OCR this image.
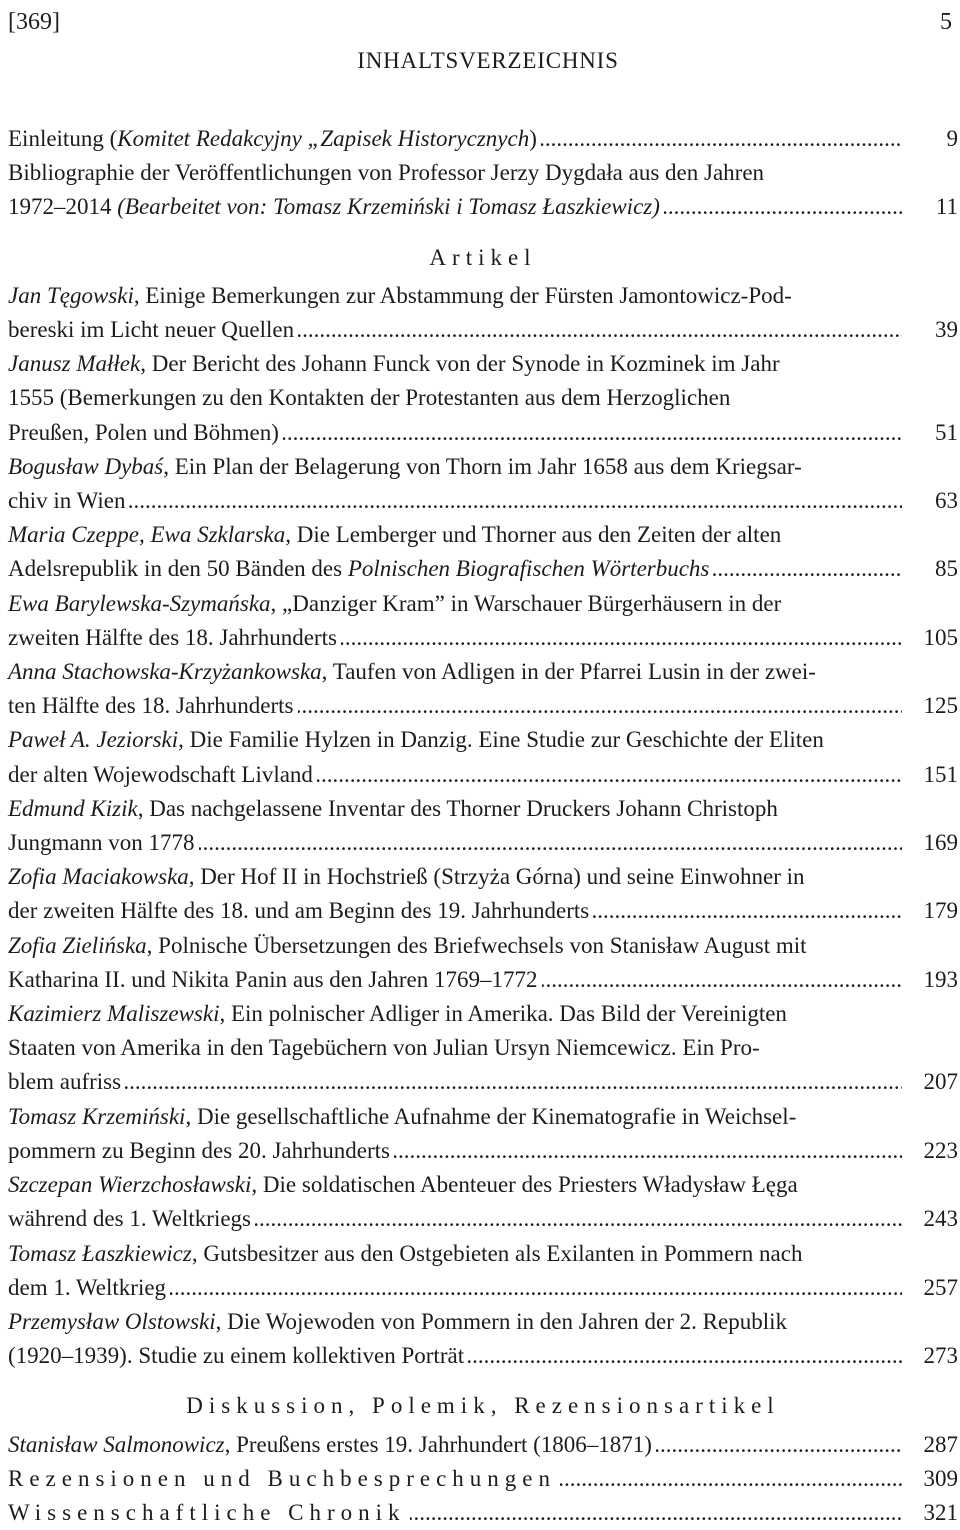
[369]	5
INHALTSVERZEICHNIS
Einleitung (Komitet Redakcyjny „Zapisek Historycznych) .....	9
Bibliographie der Veröffentlichungen von Professor Jerzy Dygdała aus den Jahren
1972–2014 (Bearbeitet von: Tomasz Krzemiński i Tomasz Łaszkiewicz) .....	11
Artikel
Jan Tęgowski, Einige Bemerkungen zur Abstammung der Fürsten Jamontowicz-Pod-
bereski im Licht neuer Quellen .....	39
Janusz Małłek, Der Bericht des Johann Funck von der Synode in Kozminek im Jahr
1555 (Bemerkungen zu den Kontakten der Protestanten aus dem Herzoglichen
Preußen, Polen und Böhmen) .....	51
Bogusław Dybaś, Ein Plan der Belagerung von Thorn im Jahr 1658 aus dem Kriegsar-
chiv in Wien .....	63
Maria Czeppe, Ewa Szklarska, Die Lemberger und Thorner aus den Zeiten der alten
Adelsrepublik in den 50 Bänden des Polnischen Biografischen Wörterbuchs .....	85
Ewa Barylewska-Szymańska, „Danziger Kram” in Warschauer Bürgerhäusern in der
zweiten Hälfte des 18. Jahrhunderts .....	105
Anna Stachowska-Krzyżankowska, Taufen von Adligen in der Pfarrei Lusin in der zwei-
ten Hälfte des 18. Jahrhunderts .....	125
Paweł A. Jeziorski, Die Familie Hylzen in Danzig. Eine Studie zur Geschichte der Eliten
der alten Wojewodschaft Livland .....	151
Edmund Kizik, Das nachgelassene Inventar des Thorner Druckers Johann Christoph
Jungmann von 1778 .....	169
Zofia Maciakowska, Der Hof II in Hochstrieß (Strzyża Górna) und seine Einwohner in
der zweiten Hälfte des 18. und am Beginn des 19. Jahrhunderts .....	179
Zofia Zielińska, Polnische Übersetzungen des Briefwechsels von Stanisław August mit
Katharina II. und Nikita Panin aus den Jahren 1769–1772 .....	193
Kazimierz Maliszewski, Ein polnischer Adliger in Amerika. Das Bild der Vereinigten
Staaten von Amerika in den Tagebüchern von Julian Ursyn Niemcewicz. Ein Pro-
blem aufriss .....	207
Tomasz Krzemiński, Die gesellschaftliche Aufnahme der Kinematografie in Weichsel-
pommern zu Beginn des 20. Jahrhunderts .....	223
Szczepan Wierzchosławski, Die soldatischen Abenteuer des Priesters Władysław Łęga
während des 1. Weltkriegs .....	243
Tomasz Łaszkiewicz, Gutsbesitzer aus den Ostgebieten als Exilanten in Pommern nach
dem 1. Weltkrieg .....	257
Przemysław Olstowski, Die Wojewoden von Pommern in den Jahren der 2. Republik
(1920–1939). Studie zu einem kollektiven Porträt .....	273
Diskussion, Polemik, Rezensionsartikel
Stanisław Salmonowicz, Preußens erstes 19. Jahrhundert (1806–1871) .....	287
Rezensionen und Buchbesprechungen .....	309
Wissenschaftliche Chronik .....	321
